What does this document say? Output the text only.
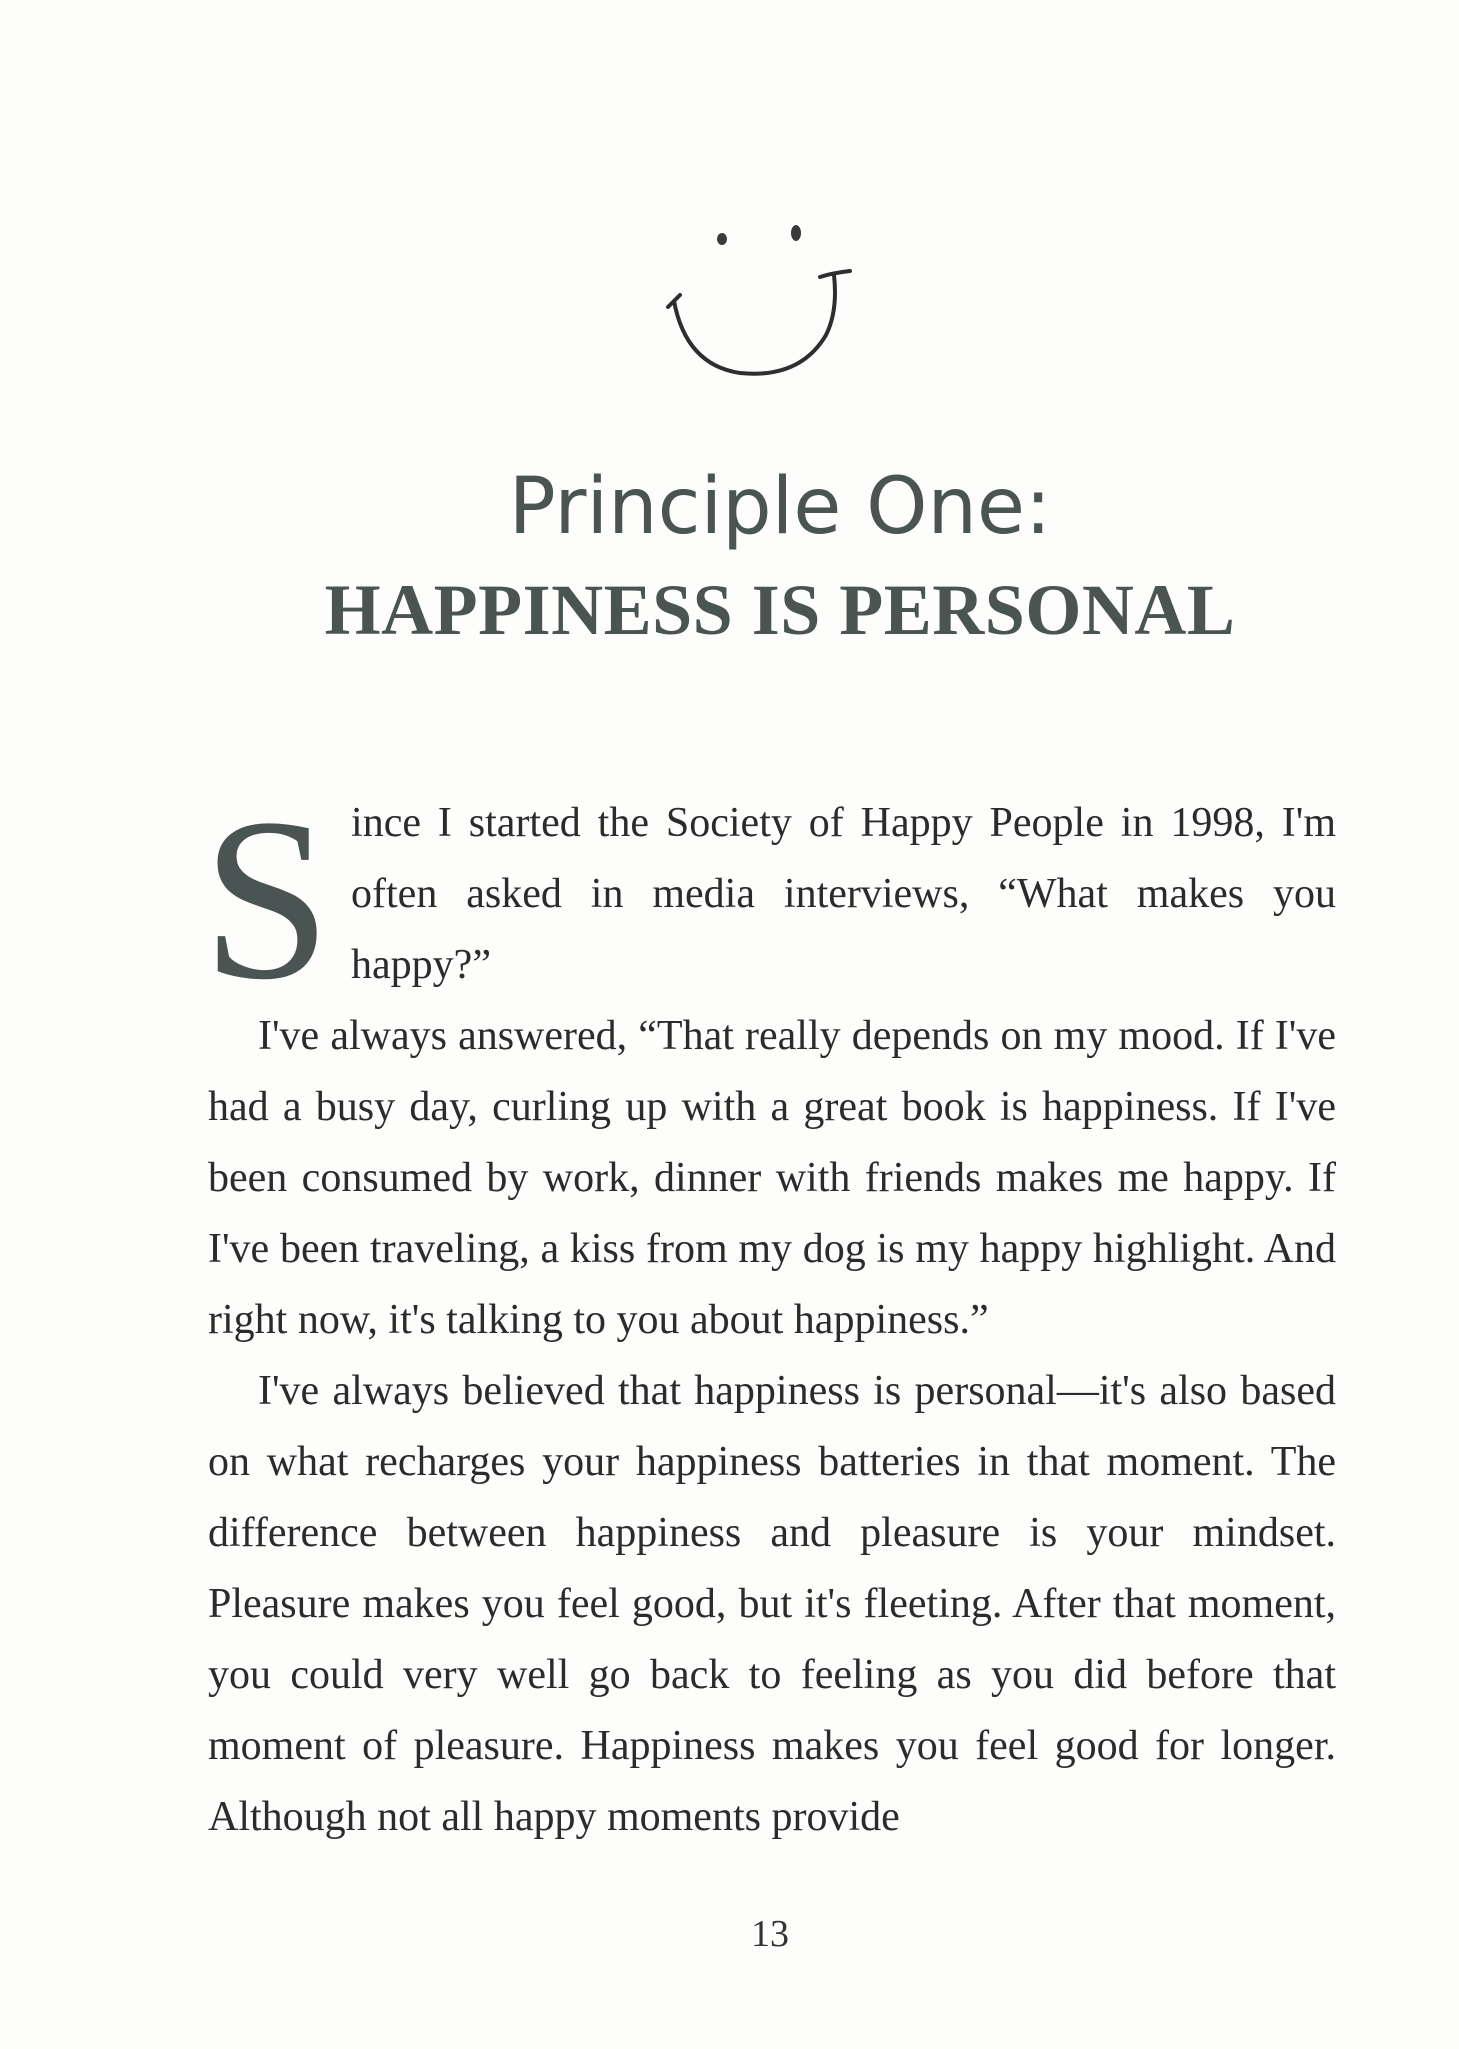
Principle One:
HAPPINESS IS PERSONAL

Since I started the Society of Happy People in 1998, I'm often asked in media interviews, “What makes you happy?”

I've always answered, “That really depends on my mood. If I've had a busy day, curling up with a great book is happiness. If I've been consumed by work, dinner with friends makes me happy. If I've been traveling, a kiss from my dog is my happy highlight. And right now, it's talking to you about happiness.”

I've always believed that happiness is personal—it's also based on what recharges your happiness batteries in that moment. The difference between happiness and pleasure is your mindset. Pleasure makes you feel good, but it's fleeting. After that moment, you could very well go back to feeling as you did before that moment of pleasure. Happiness makes you feel good for longer. Although not all happy moments provide

13
